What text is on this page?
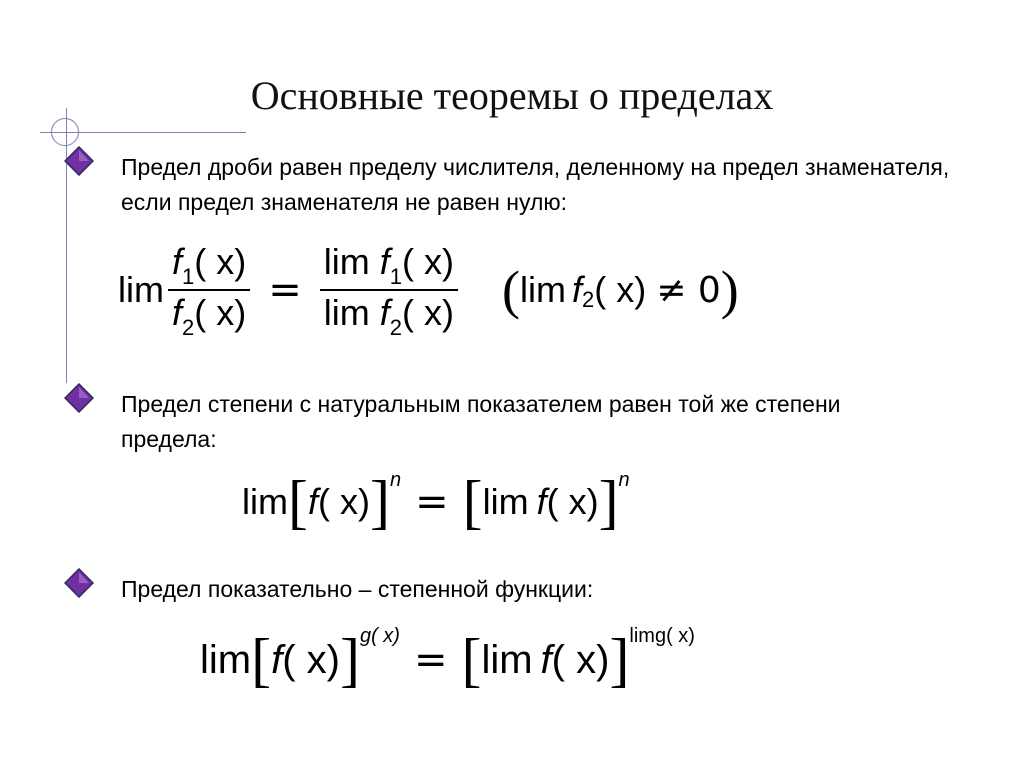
Основные теоремы о пределах
Предел дроби равен пределу числителя, деленному на предел знаменателя, если предел знаменателя не равен нулю:
$\lim \frac{f_1( x)}{f_2( x)} = \frac{\lim f_1( x)}{\lim f_2( x)}$ ( lim f 2 ( x) ≠ 0 )
Предел степени с натуральным показателем равен той же степени предела:
lim [ f ( x) ] n = [ lim f ( x) ] n
Предел показательно – степенной функции:
lim [ f ( x) ] g( x)
= [ lim f ( x) ] limg( x)
